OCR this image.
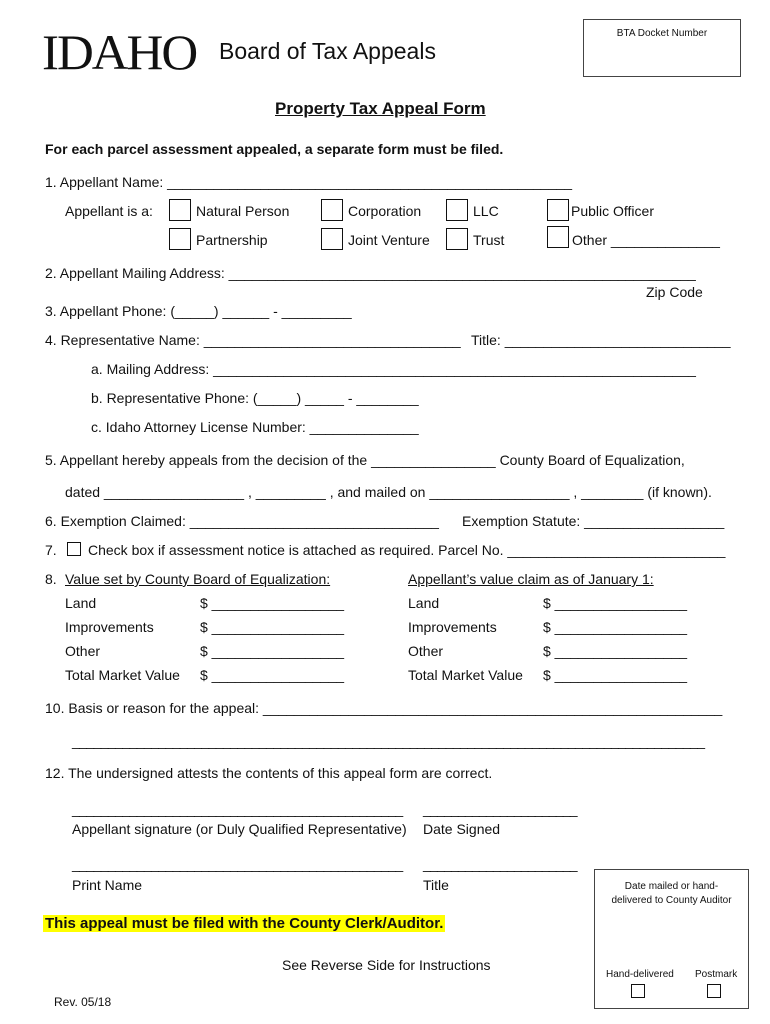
IDAHO Board of Tax Appeals
BTA Docket Number
Property Tax Appeal Form
For each parcel assessment appealed, a separate form must be filed.
1. Appellant Name: ____________________________________________________
Appellant is a:	Natural Person	Corporation	LLC	Public Officer
Partnership	Joint Venture	Trust	Other ______________
2. Appellant Mailing Address: ____________________________________________________________
Zip Code
3. Appellant Phone: (_____) ______ - _________
4. Representative Name: _________________________________ Title: _____________________________
a. Mailing Address: ______________________________________________________________
b. Representative Phone: (_____) _____ - ________
c. Idaho Attorney License Number: ______________
5. Appellant hereby appeals from the decision of the ________________ County Board of Equalization,
dated __________________ , _________ , and mailed on __________________ , ________ (if known).
6. Exemption Claimed: ________________________________ Exemption Statute: __________________
7. Check box if assessment notice is attached as required. Parcel No. ____________________________
8. Value set by County Board of Equalization:	Appellant’s value claim as of January 1:
Land	$ _________________	Land	$ _________________
Improvements	$ _________________	Improvements	$ _________________
Other	$ _________________	Other	$ _________________
Total Market Value $ _________________	Total Market Value $ _________________
10. Basis or reason for the appeal: ___________________________________________________________
________________________________________________________________________________________
12. The undersigned attests the contents of this appeal form are correct.
______________________________________________ ______________________
Appellant signature (or Duly Qualified Representative) Date Signed
______________________________________________ ______________________
Print Name	Title
This appeal must be filed with the County Clerk/Auditor.
See Reverse Side for Instructions
Rev. 05/18
Date mailed or hand-delivered to County Auditor
Hand-delivered Postmark
